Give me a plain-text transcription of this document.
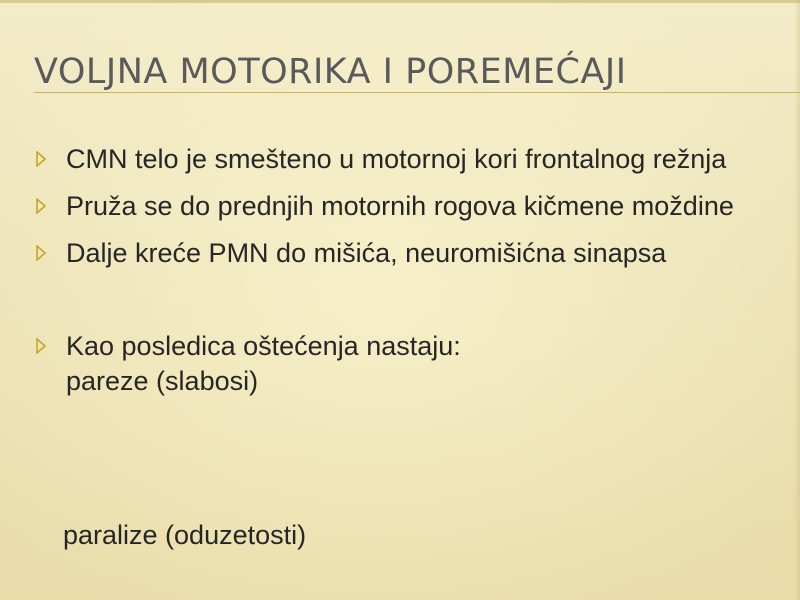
VOLJNA MOTORIKA I POREMEĆAJI
CMN telo je smešteno u motornoj kori frontalnog režnja
Pruža se do prednjih motornih rogova kičmene moždine
Dalje kreće PMN do mišića, neuromišićna sinapsa
Kao posledica oštećenja nastaju:
pareze (slabosi)
paralize (oduzetosti)
